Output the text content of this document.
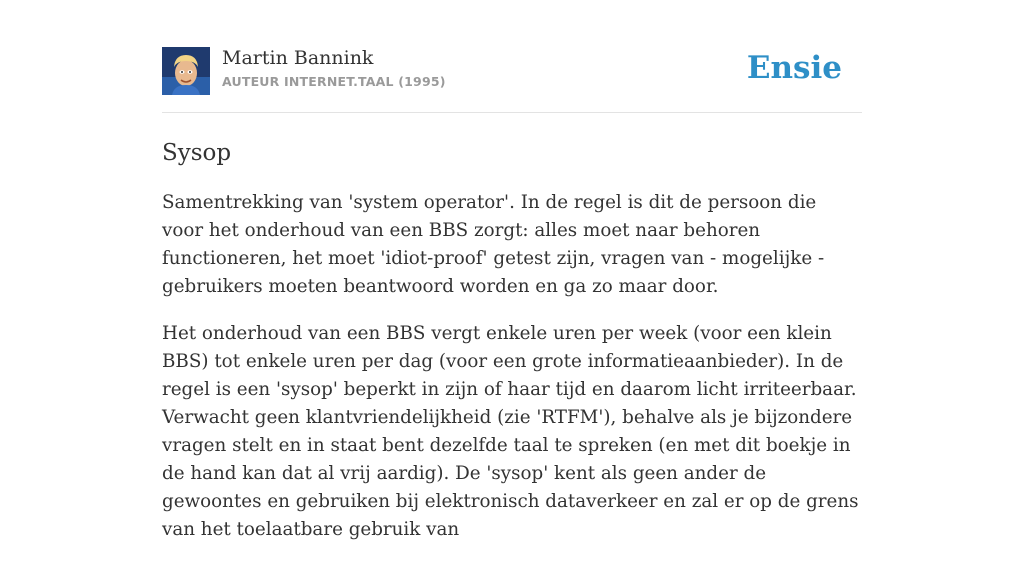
Martin Bannink
AUTEUR INTERNET.TAAL (1995)	Ensie
Sysop

Samentrekking van 'system operator'. In de regel is dit de persoon die voor het onderhoud van een BBS zorgt: alles moet naar behoren functioneren, het moet 'idiot-proof' getest zijn, vragen van - mogelijke - gebruikers moeten beantwoord worden en ga zo maar door.

Het onderhoud van een BBS vergt enkele uren per week (voor een klein BBS) tot enkele uren per dag (voor een grote informatieaanbieder). In de regel is een 'sysop' beperkt in zijn of haar tijd en daarom licht irriteerbaar. Verwacht geen klantvriendelijkheid (zie 'RTFM'), behalve als je bijzondere vragen stelt en in staat bent dezelfde taal te spreken (en met dit boekje in de hand kan dat al vrij aardig). De 'sysop' kent als geen ander de gewoontes en gebruiken bij elektronisch dataverkeer en zal er op de grens van het toelaatbare gebruik van
